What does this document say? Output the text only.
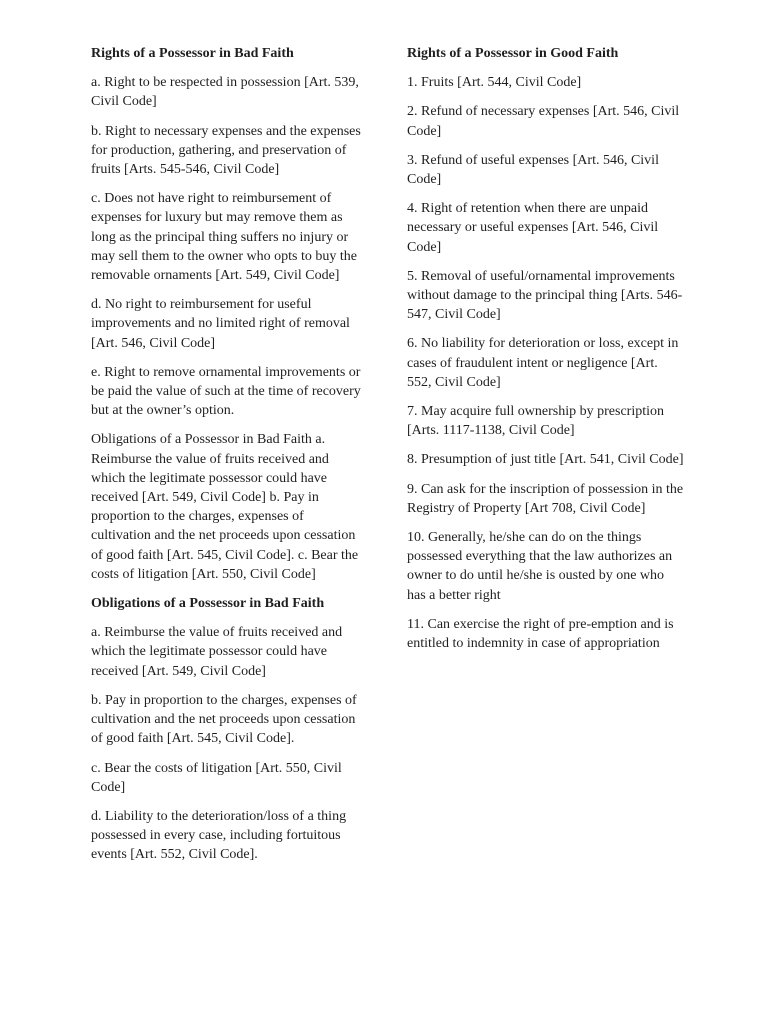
Rights of a Possessor in Bad Faith
a. Right to be respected in possession [Art. 539, Civil Code]
b. Right to necessary expenses and the expenses for production, gathering, and preservation of fruits [Arts. 545-546, Civil Code]
c. Does not have right to reimbursement of expenses for luxury but may remove them as long as the principal thing suffers no injury or may sell them to the owner who opts to buy the removable ornaments [Art. 549, Civil Code]
d. No right to reimbursement for useful improvements and no limited right of removal [Art. 546, Civil Code]
e. Right to remove ornamental improvements or be paid the value of such at the time of recovery but at the owner’s option.
Obligations of a Possessor in Bad Faith a. Reimburse the value of fruits received and which the legitimate possessor could have received [Art. 549, Civil Code] b. Pay in proportion to the charges, expenses of cultivation and the net proceeds upon cessation of good faith [Art. 545, Civil Code]. c. Bear the costs of litigation [Art. 550, Civil Code]
Obligations of a Possessor in Bad Faith
a. Reimburse the value of fruits received and which the legitimate possessor could have received [Art. 549, Civil Code]
b. Pay in proportion to the charges, expenses of cultivation and the net proceeds upon cessation of good faith [Art. 545, Civil Code].
c. Bear the costs of litigation [Art. 550, Civil Code]
d. Liability to the deterioration/loss of a thing possessed in every case, including fortuitous events [Art. 552, Civil Code].
Rights of a Possessor in Good Faith
1. Fruits [Art. 544, Civil Code]
2. Refund of necessary expenses [Art. 546, Civil Code]
3. Refund of useful expenses [Art. 546, Civil Code]
4. Right of retention when there are unpaid necessary or useful expenses [Art. 546, Civil Code]
5. Removal of useful/ornamental improvements without damage to the principal thing [Arts. 546-547, Civil Code]
6. No liability for deterioration or loss, except in cases of fraudulent intent or negligence [Art. 552, Civil Code]
7. May acquire full ownership by prescription [Arts. 1117-1138, Civil Code]
8. Presumption of just title [Art. 541, Civil Code]
9. Can ask for the inscription of possession in the Registry of Property [Art 708, Civil Code]
10. Generally, he/she can do on the things possessed everything that the law authorizes an owner to do until he/she is ousted by one who has a better right
11. Can exercise the right of pre-emption and is entitled to indemnity in case of appropriation
